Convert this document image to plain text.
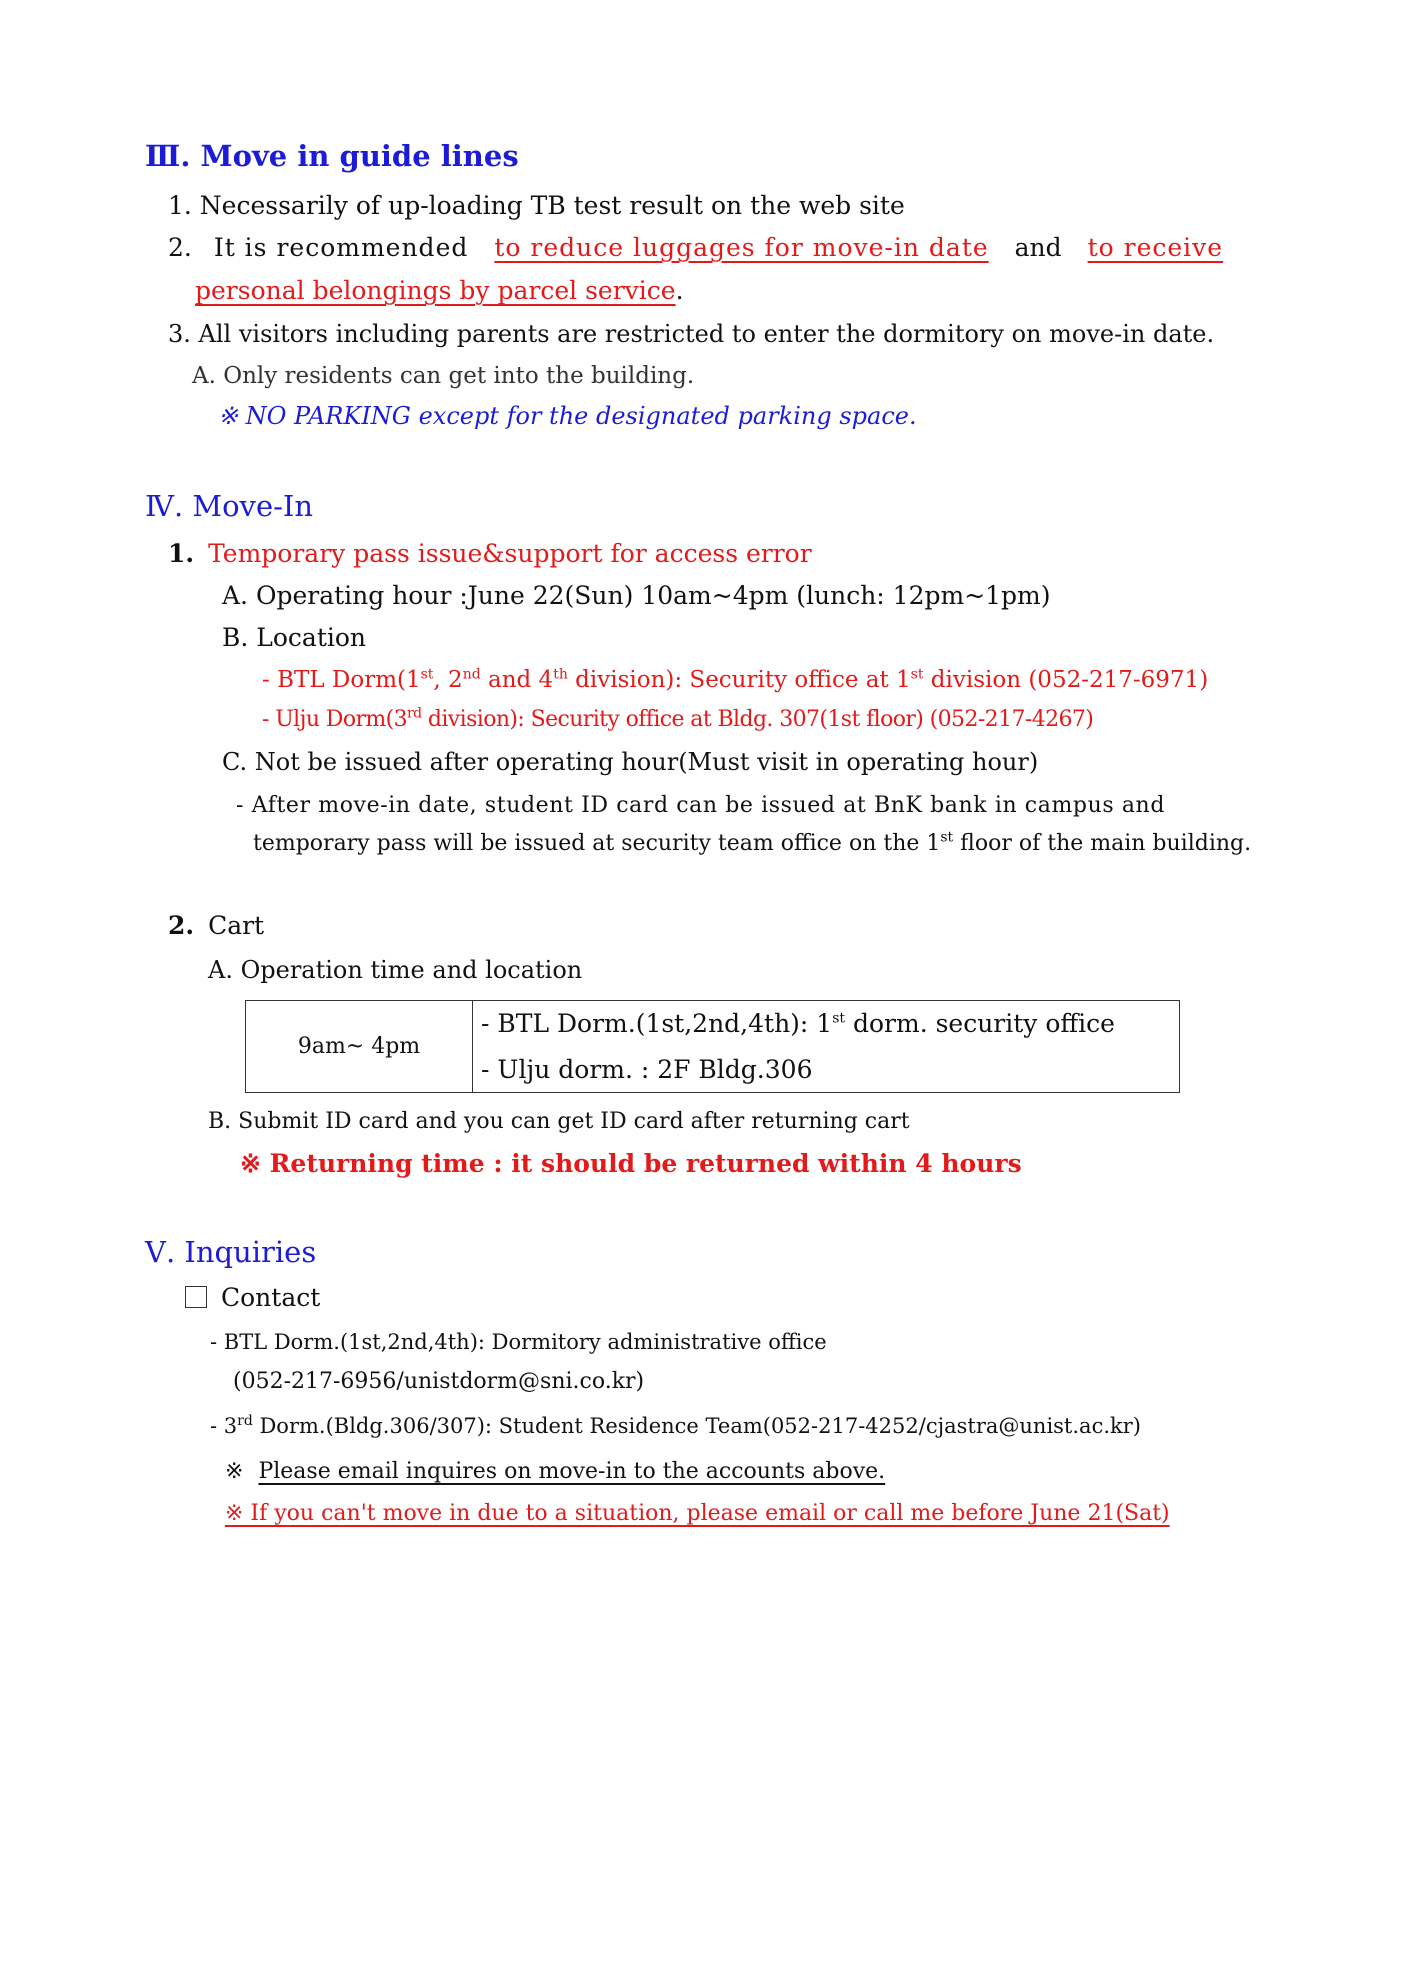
Ⅲ. Move in guide lines
1. Necessarily of up-loading TB test result on the web site
2. It is recommended to reduce luggages for move-in date and to receive
personal belongings by parcel service.
3. All visitors including parents are restricted to enter the dormitory on move-in date.
A. Only residents can get into the building.
※ NO PARKING except for the designated parking space.
Ⅳ. Move-In
1. Temporary pass issue&support for access error
A. Operating hour :June 22(Sun) 10am~4pm (lunch: 12pm~1pm)
B. Location
- BTL Dorm(1st, 2nd and 4th division): Security office at 1st division (052-217-6971)
- Ulju Dorm(3rd division): Security office at Bldg. 307(1st floor) (052-217-4267)
C. Not be issued after operating hour(Must visit in operating hour)
- After move-in date, student ID card can be issued at BnK bank in campus and
temporary pass will be issued at security team office on the 1st floor of the main building.
2. Cart
A. Operation time and location
9am~ 4pm	- BTL Dorm.(1st,2nd,4th): 1st dorm. security office
- Ulju dorm. : 2F Bldg.306
B. Submit ID card and you can get ID card after returning cart
※ Returning time : it should be returned within 4 hours
Ⅴ. Inquiries
Contact
- BTL Dorm.(1st,2nd,4th): Dormitory administrative office
(052-217-6956/unistdorm@sni.co.kr)
- 3rd Dorm.(Bldg.306/307): Student Residence Team(052-217-4252/cjastra@unist.ac.kr)
※ Please email inquires on move-in to the accounts above.
※ If you can't move in due to a situation, please email or call me before June 21(Sat)
